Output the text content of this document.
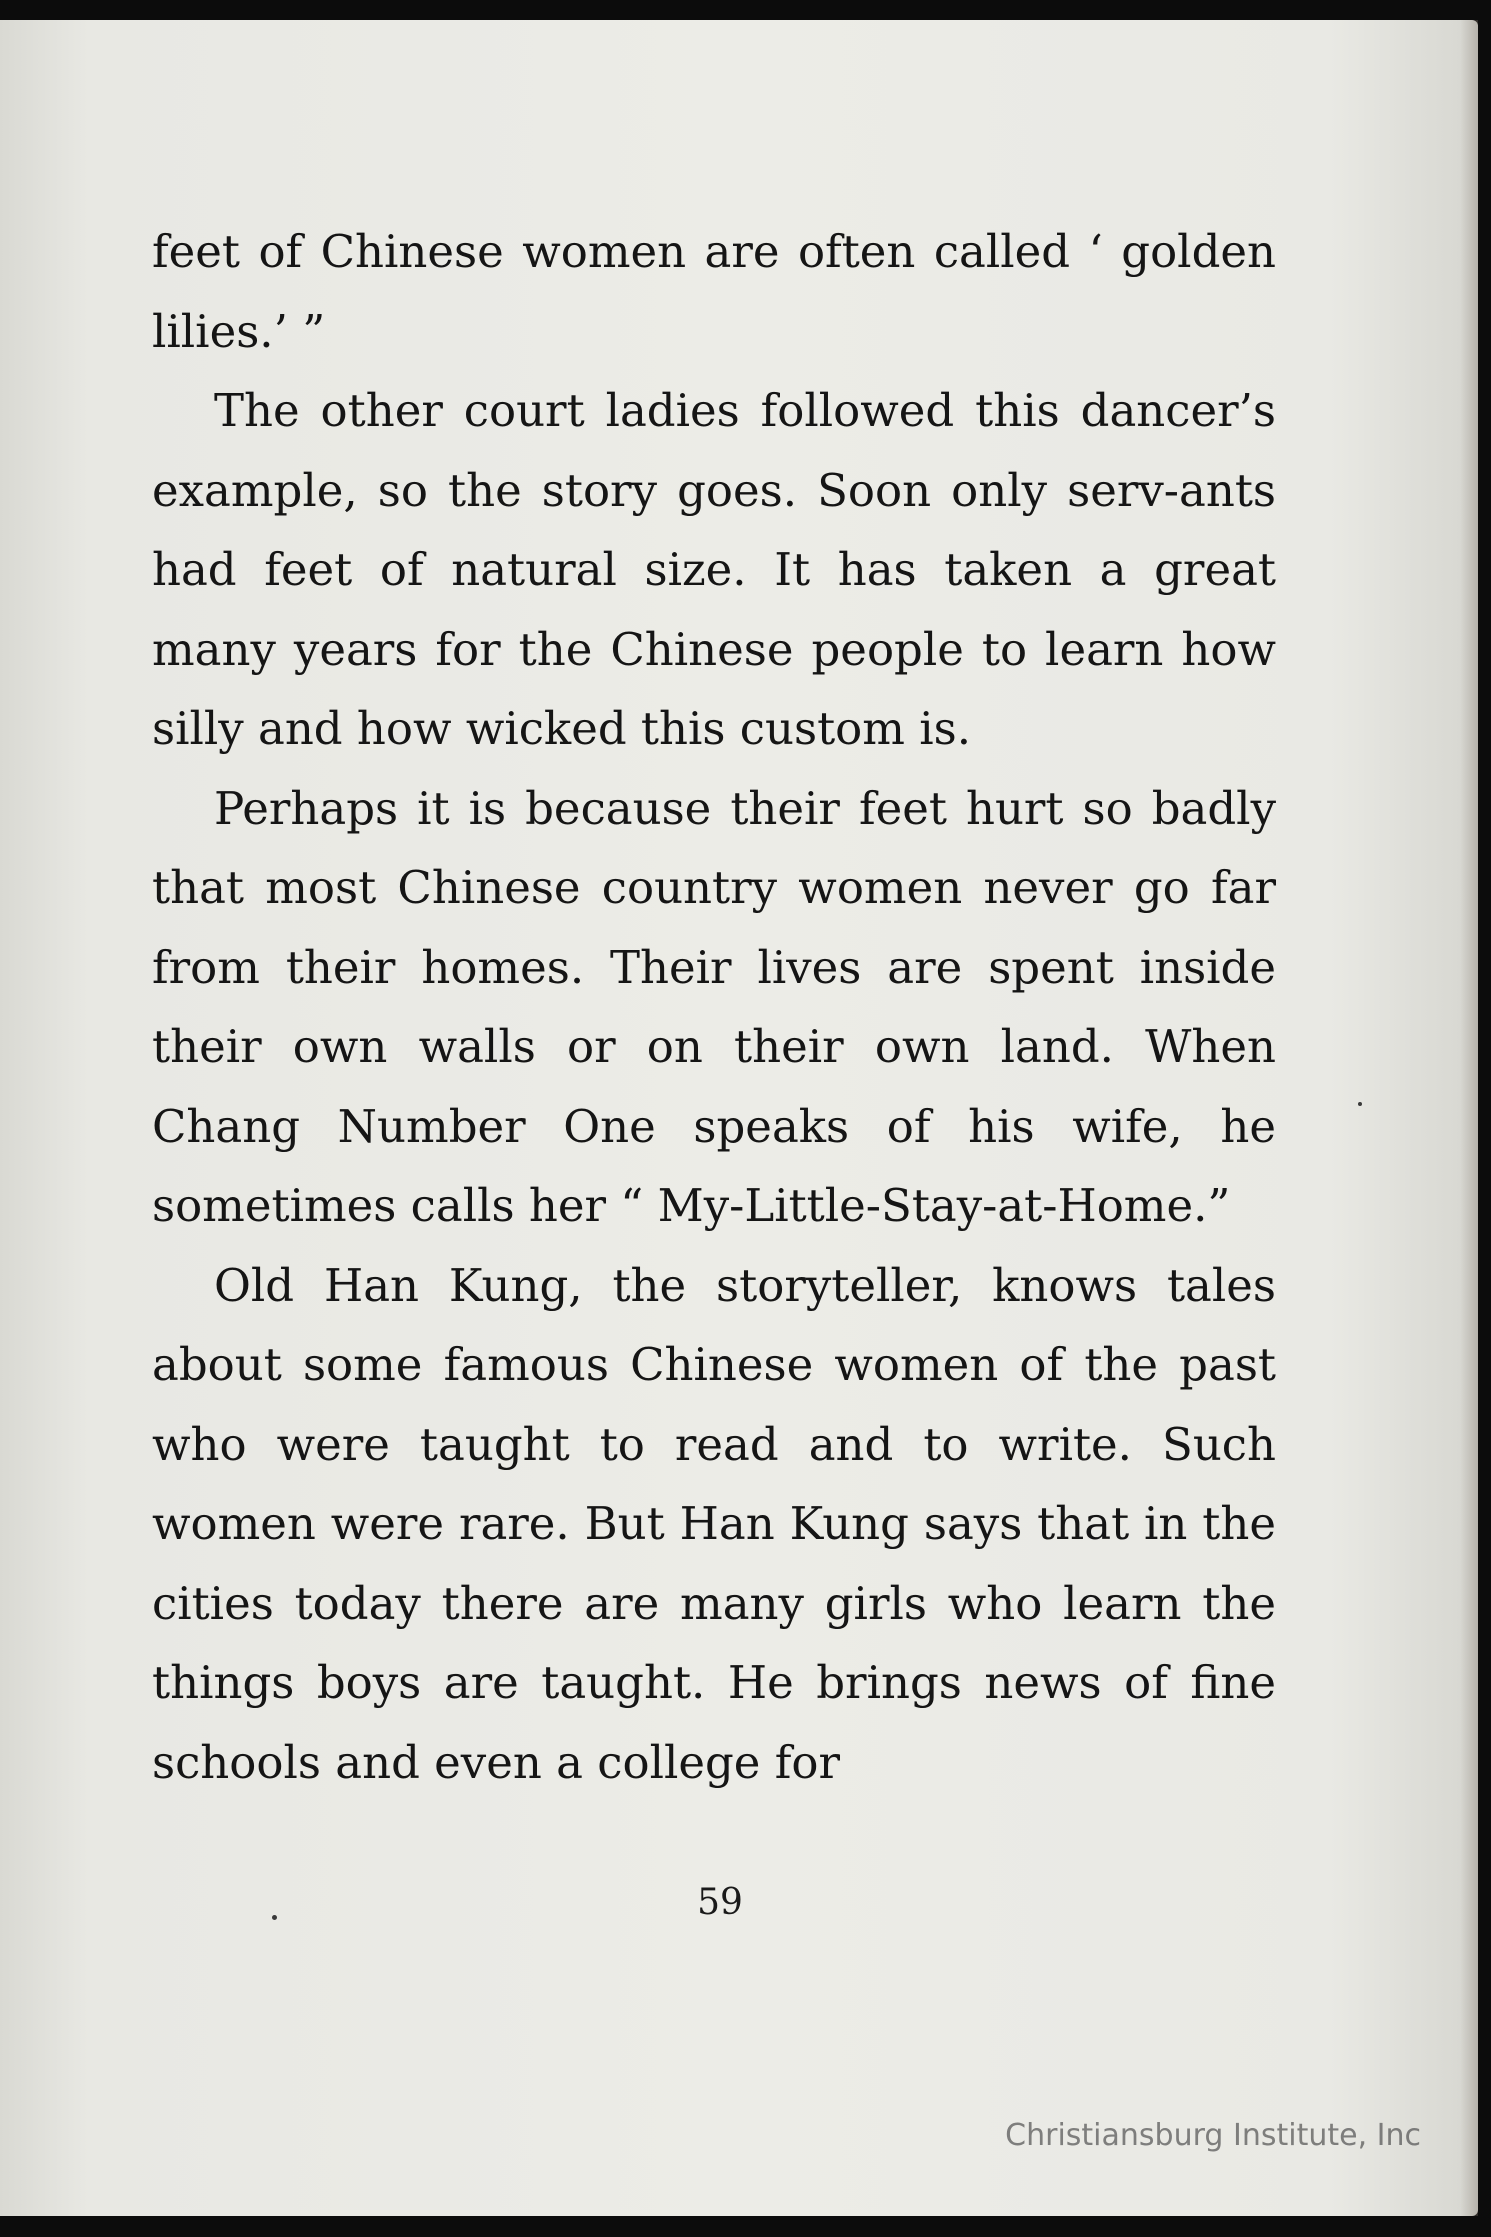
feet of Chinese women are often called ‘ golden lilies.’ ”

The other court ladies followed this dancer’s example, so the story goes. Soon only serv-ants had feet of natural size. It has taken a great many years for the Chinese people to learn how silly and how wicked this custom is.

Perhaps it is because their feet hurt so badly that most Chinese country women never go far from their homes. Their lives are spent inside their own walls or on their own land. When Chang Number One speaks of his wife, he sometimes calls her “ My-Little-Stay-at-Home.”

Old Han Kung, the storyteller, knows tales about some famous Chinese women of the past who were taught to read and to write. Such women were rare. But Han Kung says that in the cities today there are many girls who learn the things boys are taught. He brings news of fine schools and even a college for

59
Christiansburg Institute, Inc
